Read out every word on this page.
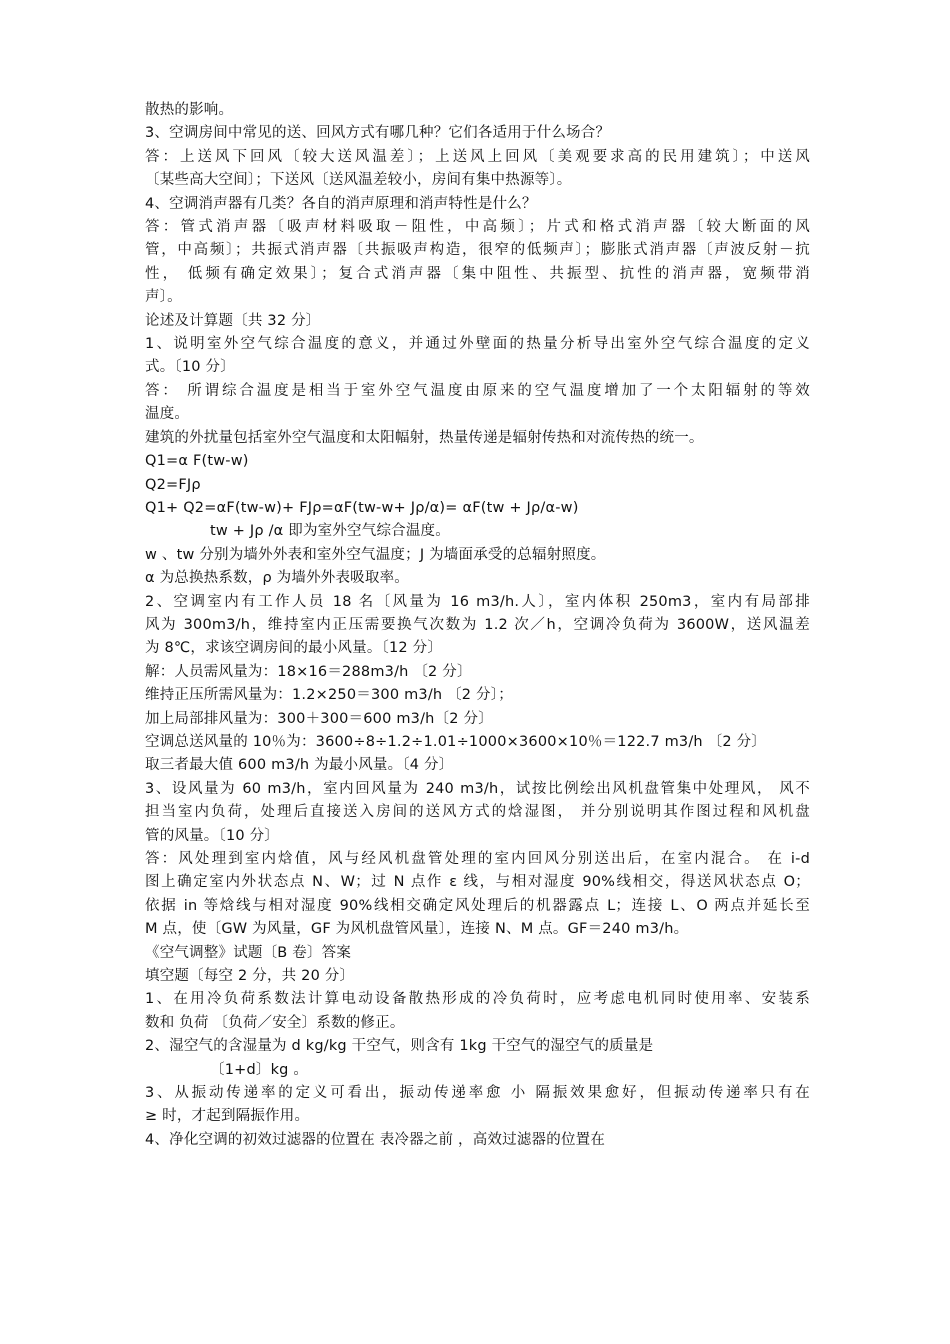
散热的影响。
3、空调房间中常见的送、回风方式有哪几种？它们各适用于什么场合？
答：上送风下回风〔较大送风温差〕；上送风上回风〔美观要求高的民用建筑〕；中送风
〔某些高大空间〕；下送风〔送风温差较小，房间有集中热源等〕。
4、空调消声器有几类？各自的消声原理和消声特性是什么？
答：管式消声器〔吸声材料吸取－阻性，中高频〕；片式和格式消声器〔较大断面的风
管，中高频〕；共振式消声器〔共振吸声构造，很窄的低频声〕；膨胀式消声器〔声波反射－抗
性， 低频有确定效果〕；复合式消声器〔集中阻性、共振型、抗性的消声器，宽频带消
声〕。
论述及计算题〔共 32 分〕
1、说明室外空气综合温度的意义，并通过外壁面的热量分析导出室外空气综合温度的定义
式。〔10 分〕
答： 所谓综合温度是相当于室外空气温度由原来的空气温度增加了一个太阳辐射的等效
温度。
建筑的外扰量包括室外空气温度和太阳幅射，热量传递是辐射传热和对流传热的统一。
Q1=α F(tw-w)
Q2=FJρ
Q1+ Q2=αF(tw-w)+ FJρ=αF(tw-w+ Jρ/α)= αF(tw + Jρ/α-w)
tw + Jρ /α 即为室外空气综合温度。
w 、tw 分别为墙外外表和室外空气温度；J 为墙面承受的总辐射照度。
α 为总换热系数，ρ 为墙外外表吸取率。
2、空调室内有工作人员 18 名〔风量为 16 m3/h.人〕，室内体积 250m3，室内有局部排
风为 300m3/h，维持室内正压需要换气次数为 1.2 次／h，空调冷负荷为 3600W，送风温差
为 8℃，求该空调房间的最小风量。〔12 分〕
解：人员需风量为：18×16＝288m3/h 〔2 分〕
维持正压所需风量为：1.2×250＝300 m3/h 〔2 分〕；
加上局部排风量为：300＋300＝600 m3/h〔2 分〕
空调总送风量的 10％为：3600÷8÷1.2÷1.01÷1000×3600×10％＝122.7 m3/h 〔2 分〕
取三者最大值 600 m3/h 为最小风量。〔4 分〕
3、设风量为 60 m3/h，室内回风量为 240 m3/h，试按比例绘出风机盘管集中处理风， 风不
担当室内负荷，处理后直接送入房间的送风方式的焓湿图， 并分别说明其作图过程和风机盘
管的风量。〔10 分〕
答：风处理到室内焓值，风与经风机盘管处理的室内回风分别送出后，在室内混合。 在 i-d
图上确定室内外状态点 N、W；过 N 点作 ε 线，与相对湿度 90%线相交，得送风状态点 O；
依据 in 等焓线与相对湿度 90%线相交确定风处理后的机器露点 L；连接 L、O 两点并延长至
M 点，使〔GW 为风量，GF 为风机盘管风量〕，连接 N、M 点。GF＝240 m3/h。
《空气调整》试题〔B 卷〕答案
填空题〔每空 2 分，共 20 分〕
1、在用冷负荷系数法计算电动设备散热形成的冷负荷时，应考虑电机同时使用率、安装系
数和 负荷 〔负荷／安全〕系数的修正。
2、湿空气的含湿量为 d kg/kg 干空气，则含有 1kg 干空气的湿空气的质量是
〔1+d〕kg 。
3、从振动传递率的定义可看出，振动传递率愈 小 隔振效果愈好，但振动传递率只有在
≥ 时，才起到隔振作用。
4、净化空调的初效过滤器的位置在 表冷器之前 ，高效过滤器的位置在
